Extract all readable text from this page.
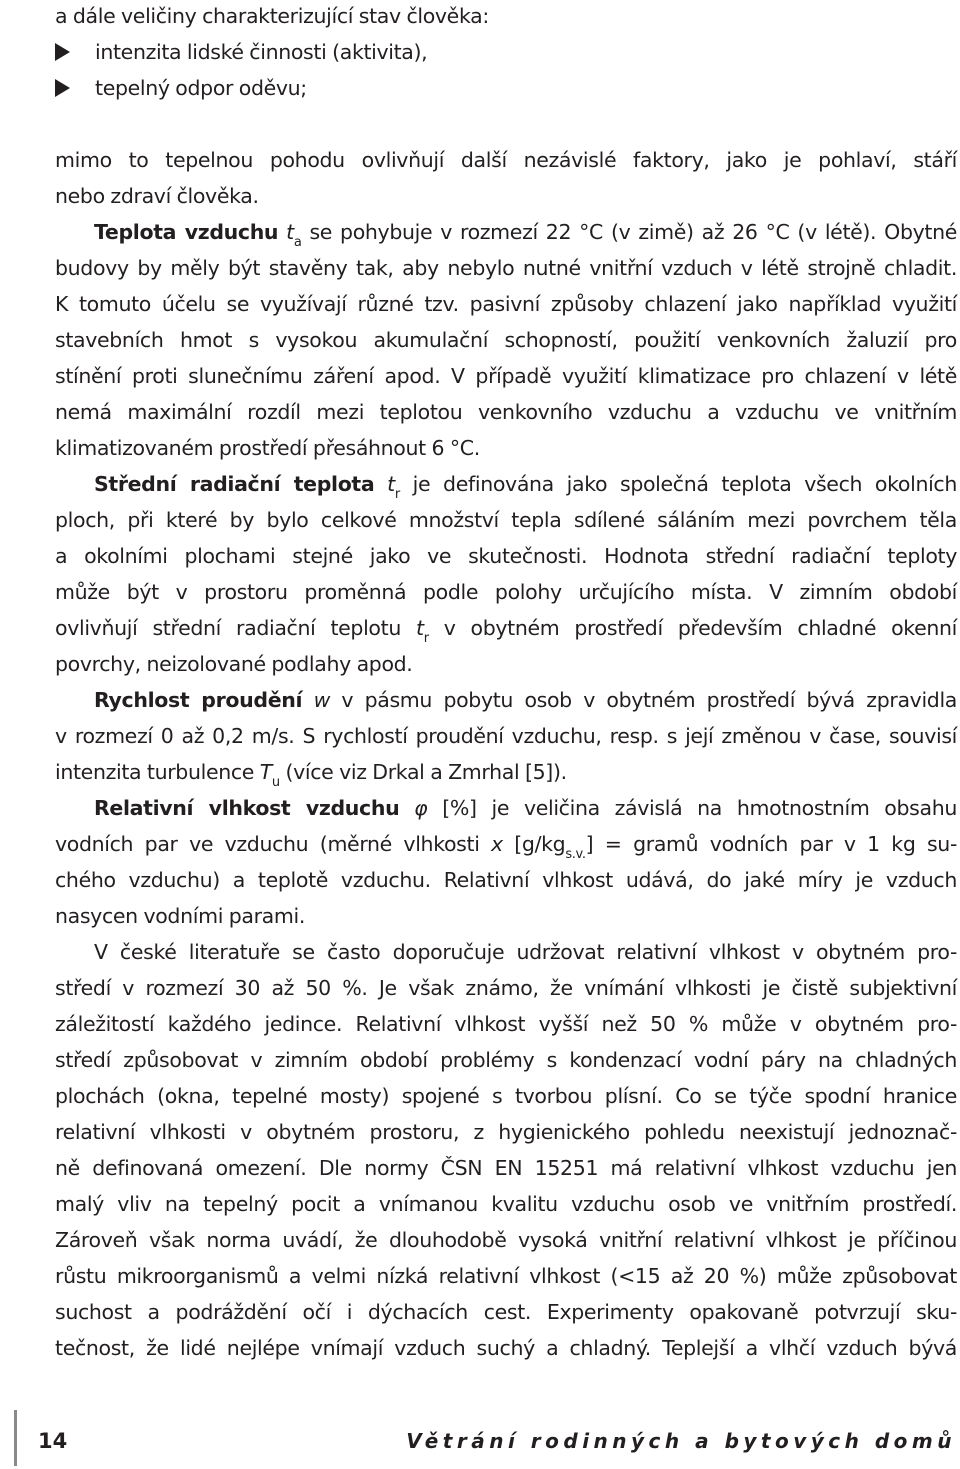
a dále veličiny charakterizující stav člověka:
intenzita lidské činnosti (aktivita),
tepelný odpor oděvu;
mimo to tepelnou pohodu ovlivňují další nezávislé faktory, jako je pohlaví, stáří
nebo zdraví člověka.
Teplota vzduchu $t_a$ se pohybuje v rozmezí 22 °C (v zimě) až 26 °C (v létě). Obytné
budovy by měly být stavěny tak, aby nebylo nutné vnitřní vzduch v létě strojně chladit.
K tomuto účelu se využívají různé tzv. pasivní způsoby chlazení jako například využití
stavebních hmot s vysokou akumulační schopností, použití venkovních žaluzií pro
stínění proti slunečnímu záření apod. V případě využití klimatizace pro chlazení v létě
nemá maximální rozdíl mezi teplotou venkovního vzduchu a vzduchu ve vnitřním
klimatizovaném prostředí přesáhnout 6 °C.
Střední radiační teplota $t_r$ je definována jako společná teplota všech okolních
ploch, při které by bylo celkové množství tepla sdílené sáláním mezi povrchem těla
a okolními plochami stejné jako ve skutečnosti. Hodnota střední radiační teploty
může být v prostoru proměnná podle polohy určujícího místa. V zimním období
ovlivňují střední radiační teplotu $t_r$ v obytném prostředí především chladné okenní
povrchy, neizolované podlahy apod.
Rychlost proudění w v pásmu pobytu osob v obytném prostředí bývá zpravidla
v rozmezí 0 až 0,2 m/s. S rychlostí proudění vzduchu, resp. s její změnou v čase, souvisí
intenzita turbulence $T_u$ (více viz Drkal a Zmrhal [5]).
Relativní vlhkost vzduchu φ [%] je veličina závislá na hmotnostním obsahu
vodních par ve vzduchu (měrné vlhkosti x $[g/kg_{s.v.}]$ = gramů vodních par v 1 kg su-
chého vzduchu) a teplotě vzduchu. Relativní vlhkost udává, do jaké míry je vzduch
nasycen vodními parami.
V české literatuře se často doporučuje udržovat relativní vlhkost v obytném pro-
středí v rozmezí 30 až 50 %. Je však známo, že vnímání vlhkosti je čistě subjektivní
záležitostí každého jedince. Relativní vlhkost vyšší než 50 % může v obytném pro-
středí způsobovat v zimním období problémy s kondenzací vodní páry na chladných
plochách (okna, tepelné mosty) spojené s tvorbou plísní. Co se týče spodní hranice
relativní vlhkosti v obytném prostoru, z hygienického pohledu neexistují jednoznač-
ně definovaná omezení. Dle normy ČSN EN 15251 má relativní vlhkost vzduchu jen
malý vliv na tepelný pocit a vnímanou kvalitu vzduchu osob ve vnitřním prostředí.
Zároveň však norma uvádí, že dlouhodobě vysoká vnitřní relativní vlhkost je příčinou
růstu mikroorganismů a velmi nízká relativní vlhkost (<15 až 20 %) může způsobovat
suchost a podráždění očí i dýchacích cest. Experimenty opakovaně potvrzují sku-
tečnost, že lidé nejlépe vnímají vzduch suchý a chladný. Teplejší a vlhčí vzduch bývá
14	Větrání rodinných a bytových domů
